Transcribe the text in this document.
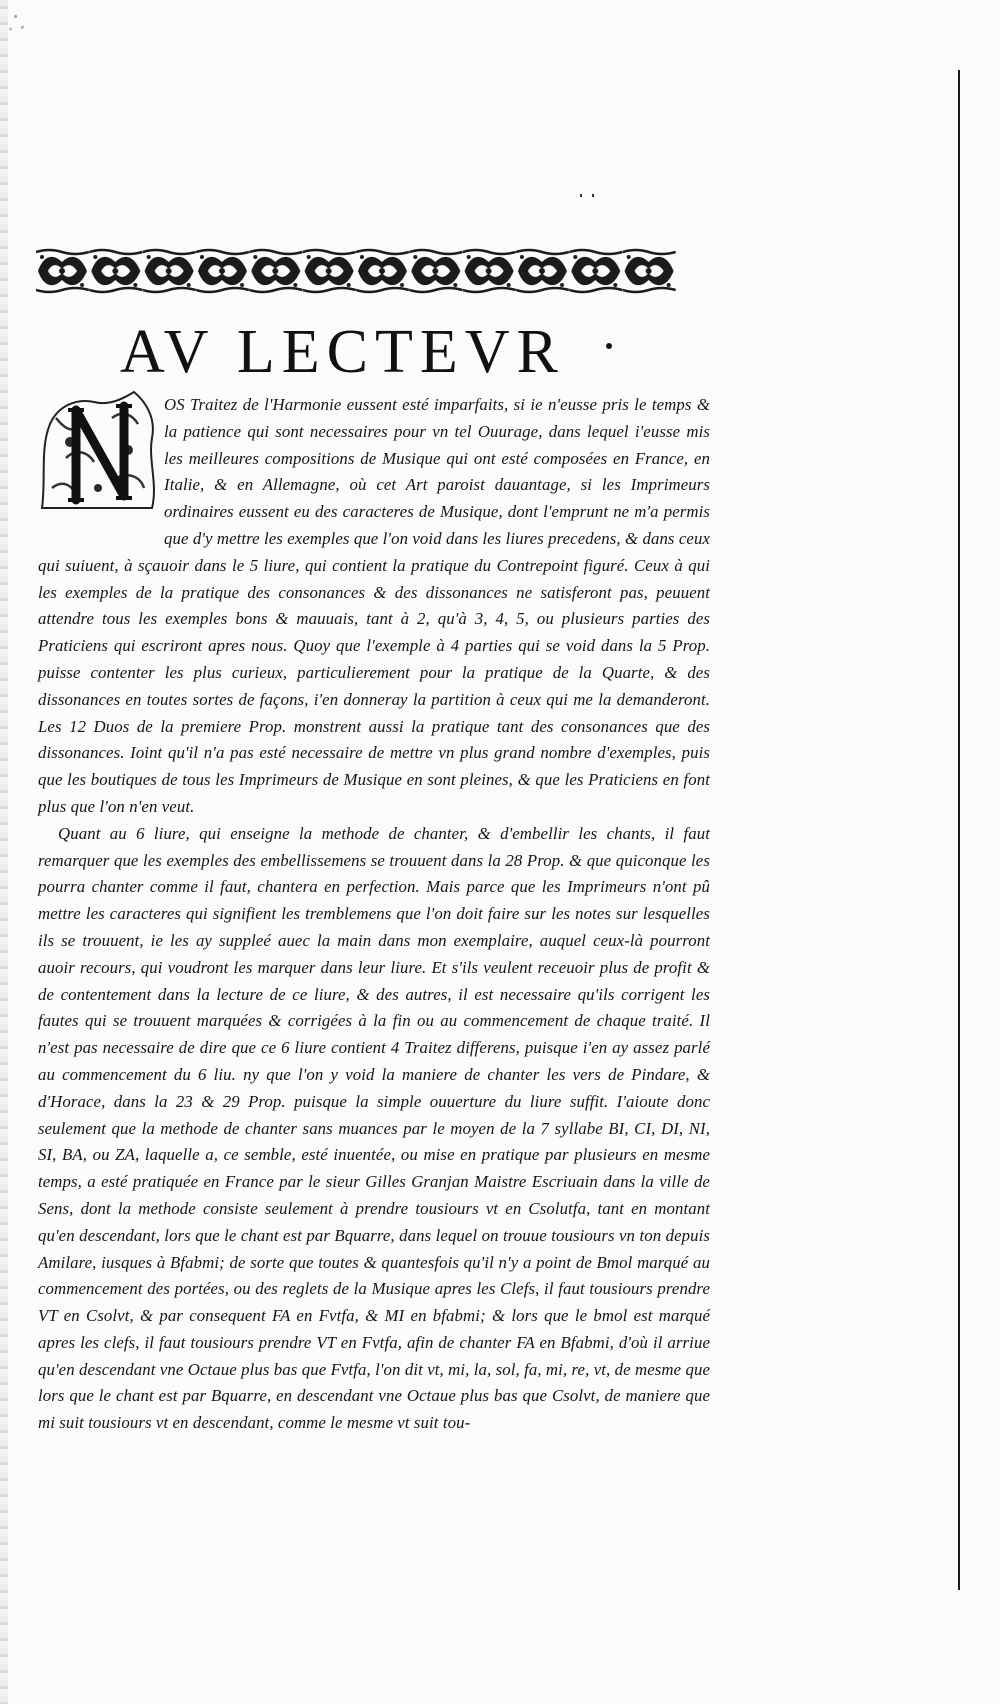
AV LECTEVR

OS Traitez de l'Harmonie eussent esté imparfaits, si ie n'eusse pris le temps & la patience qui sont necessaires pour vn tel Ouurage, dans lequel i'eusse mis les meilleures compositions de Musique qui ont esté composées en France, en Italie, & en Allemagne, où cet Art paroist dauantage, si les Imprimeurs ordinaires eussent eu des caracteres de Musique, dont l'emprunt ne m'a permis que d'y mettre les exemples que l'on void dans les liures precedens, & dans ceux qui suiuent, à sçauoir dans le 5 liure, qui contient la pratique du Contrepoint figuré. Ceux à qui les exemples de la pratique des consonances & des dissonances ne satisferont pas, peuuent attendre tous les exemples bons & mauuais, tant à 2, qu'à 3, 4, 5, ou plusieurs parties des Praticiens qui escriront apres nous. Quoy que l'exemple à 4 parties qui se void dans la 5 Prop. puisse contenter les plus curieux, particulierement pour la pratique de la Quarte, & des dissonances en toutes sortes de façons, i'en donneray la partition à ceux qui me la demanderont. Les 12 Duos de la premiere Prop. monstrent aussi la pratique tant des consonances que des dissonances. Ioint qu'il n'a pas esté necessaire de mettre vn plus grand nombre d'exemples, puis que les boutiques de tous les Imprimeurs de Musique en sont pleines, & que les Praticiens en font plus que l'on n'en veut.

Quant au 6 liure, qui enseigne la methode de chanter, & d'embellir les chants, il faut remarquer que les exemples des embellissemens se trouuent dans la 28 Prop. & que quiconque les pourra chanter comme il faut, chantera en perfection. Mais parce que les Imprimeurs n'ont pû mettre les caracteres qui signifient les tremblemens que l'on doit faire sur les notes sur lesquelles ils se trouuent, ie les ay suppleé auec la main dans mon exemplaire, auquel ceux-là pourront auoir recours, qui voudront les marquer dans leur liure. Et s'ils veulent receuoir plus de profit & de contentement dans la lecture de ce liure, & des autres, il est necessaire qu'ils corrigent les fautes qui se trouuent marquées & corrigées à la fin ou au commencement de chaque traité. Il n'est pas necessaire de dire que ce 6 liure contient 4 Traitez differens, puisque i'en ay assez parlé au commencement du 6 liu. ny que l'on y void la maniere de chanter les vers de Pindare, & d'Horace, dans la 23 & 29 Prop. puisque la simple ouuerture du liure suffit. I'aioute donc seulement que la methode de chanter sans muances par le moyen de la 7 syllabe BI, CI, DI, NI, SI, BA, ou ZA, laquelle a, ce semble, esté inuentée, ou mise en pratique par plusieurs en mesme temps, a esté pratiquée en France par le sieur Gilles Granjan Maistre Escriuain dans la ville de Sens, dont la methode consiste seulement à prendre tousiours vt en Csolutfa, tant en montant qu'en descendant, lors que le chant est par Bquarre, dans lequel on trouue tousiours vn ton depuis Amilare, iusques à Bfabmi; de sorte que toutes & quantesfois qu'il n'y a point de Bmol marqué au commencement des portées, ou des reglets de la Musique apres les Clefs, il faut tousiours prendre VT en Csolvt, & par consequent FA en Fvtfa, & MI en bfabmi; & lors que le bmol est marqué apres les clefs, il faut tousiours prendre VT en Fvtfa, afin de chanter FA en Bfabmi, d'où il arriue qu'en descendant vne Octaue plus bas que Fvtfa, l'on dit vt, mi, la, sol, fa, mi, re, vt, de mesme que lors que le chant est par Bquarre, en descendant vne Octaue plus bas que Csolvt, de maniere que mi suit tousiours vt en descendant, comme le mesme vt suit tou-
